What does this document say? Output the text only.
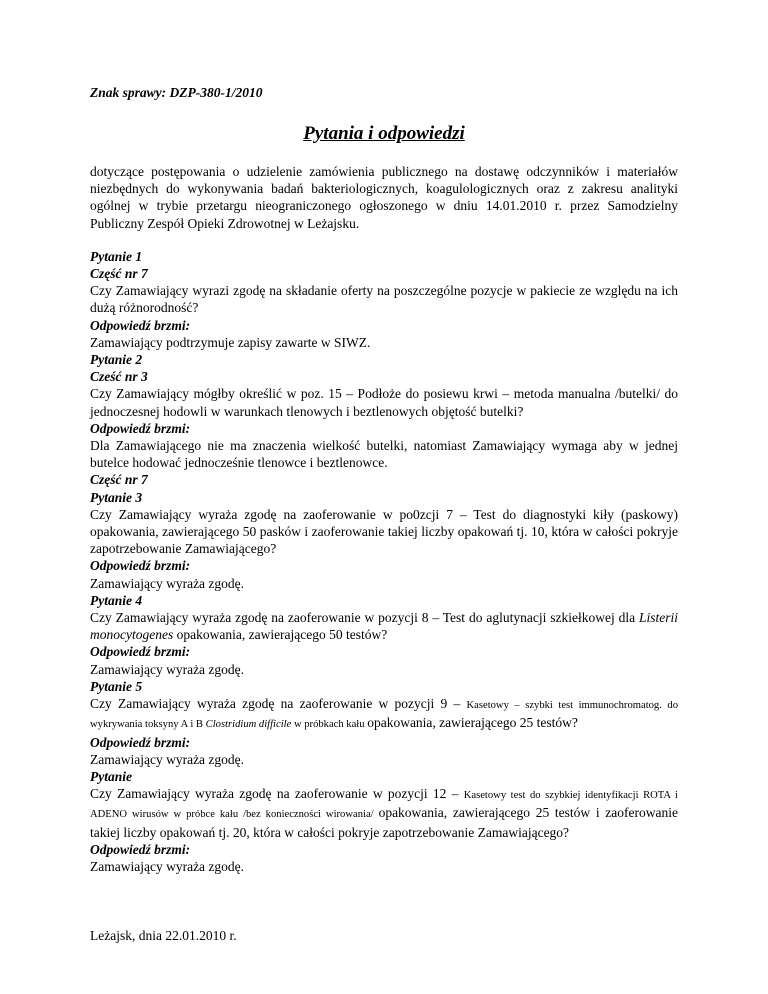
Znak sprawy: DZP-380-1/2010

Pytania i odpowiedzi
dotyczące postępowania o udzielenie zamówienia publicznego na dostawę odczynników i materiałów niezbędnych do wykonywania badań bakteriologicznych, koagulologicznych oraz z zakresu analityki ogólnej w trybie przetargu nieograniczonego ogłoszonego w dniu 14.01.2010 r. przez Samodzielny Publiczny Zespół Opieki Zdrowotnej w Leżajsku.
Pytanie 1
Część nr 7
Czy Zamawiający wyrazi zgodę na składanie oferty na poszczególne pozycje w pakiecie ze względu na ich dużą różnorodność?
Odpowiedź brzmi:
Zamawiający podtrzymuje zapisy zawarte w SIWZ.
Pytanie 2
Cześć nr 3
Czy Zamawiający mógłby określić w poz. 15 – Podłoże do posiewu krwi – metoda manualna /butelki/ do jednoczesnej hodowli w warunkach tlenowych i beztlenowych objętość butelki?
Odpowiedź brzmi:
Dla Zamawiającego nie ma znaczenia wielkość butelki, natomiast Zamawiający wymaga aby w jednej butelce hodować jednocześnie tlenowce i beztlenowce.
Część nr 7
Pytanie 3
Czy Zamawiający wyraża zgodę na zaoferowanie w po0zcji 7 – Test do diagnostyki kiły (paskowy) opakowania, zawierającego 50 pasków i zaoferowanie takiej liczby opakowań tj. 10, która w całości pokryje zapotrzebowanie Zamawiającego?
Odpowiedź brzmi:
Zamawiający wyraża zgodę.
Pytanie 4
Czy Zamawiający wyraża zgodę na zaoferowanie w pozycji 8 – Test do aglutynacji szkiełkowej dla Listerii monocytogenes opakowania, zawierającego 50 testów?
Odpowiedź brzmi:
Zamawiający wyraża zgodę.
Pytanie 5
Czy Zamawiający wyraża zgodę na zaoferowanie w pozycji 9 – Kasetowy – szybki test immunochromatog. do wykrywania toksyny A i B Clostridium difficile w próbkach kału opakowania, zawierającego 25 testów?
Odpowiedź brzmi:
Zamawiający wyraża zgodę.
Pytanie
Czy Zamawiający wyraża zgodę na zaoferowanie w pozycji 12 – Kasetowy test do szybkiej identyfikacji ROTA i ADENO wirusów w próbce kału /bez konieczności wirowania/ opakowania, zawierającego 25 testów i zaoferowanie takiej liczby opakowań tj. 20, która w całości pokryje zapotrzebowanie Zamawiającego?
Odpowiedź brzmi:
Zamawiający wyraża zgodę.
Leżajsk, dnia 22.01.2010 r.
